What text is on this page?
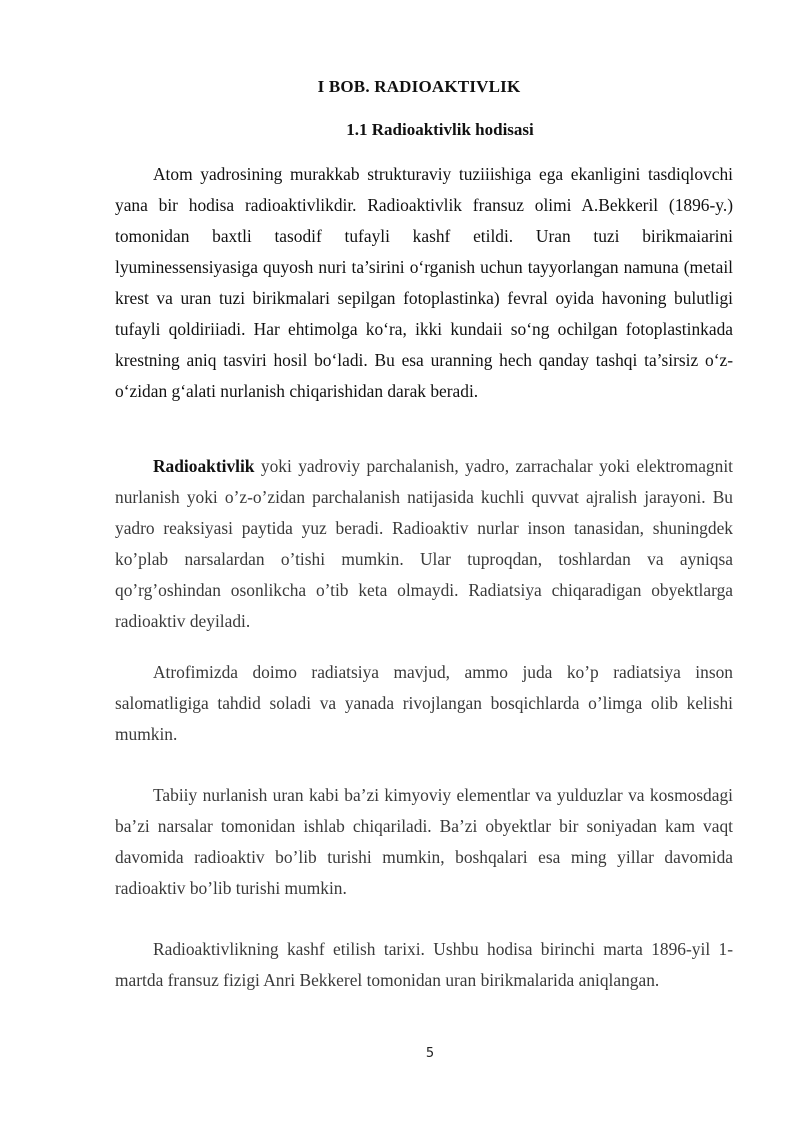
I BOB. RADIOAKTIVLIK
1.1 Radioaktivlik hodisasi

Atom yadrosining murakkab strukturaviy tuziiishiga ega ekanligini tasdiqlovchi yana bir hodisa radioaktivlikdir. Radioaktivlik fransuz olimi A.Bekkeril (1896-y.) tomonidan baxtli tasodif tufayli kashf etildi. Uran tuzi birikmaiarini lyuminessensiyasiga quyosh nuri ta’sirini o‘rganish uchun tayyorlangan namuna (metail krest va uran tuzi birikmalari sepilgan fotoplastinka) fevral oyida havoning bulutligi tufayli qoldiriiadi. Har ehtimolga ko‘ra, ikki kundaii so‘ng ochilgan fotoplastinkada krestning aniq tasviri hosil bo‘ladi. Bu esa uranning hech qanday tashqi ta’sirsiz o‘z-o‘zidan g‘alati nurlanish chiqarishidan darak beradi.

Radioaktivlik yoki yadroviy parchalanish, yadro, zarrachalar yoki elektromagnit nurlanish yoki o’z-o’zidan parchalanish natijasida kuchli quvvat ajralish jarayoni. Bu yadro reaksiyasi paytida yuz beradi. Radioaktiv nurlar inson tanasidan, shuningdek ko’plab narsalardan o’tishi mumkin. Ular tuproqdan, toshlardan va ayniqsa qo’rg’oshindan osonlikcha o’tib keta olmaydi. Radiatsiya chiqaradigan obyektlarga radioaktiv deyiladi.

Atrofimizda doimo radiatsiya mavjud, ammo juda ko’p radiatsiya inson salomatligiga tahdid soladi va yanada rivojlangan bosqichlarda o’limga olib kelishi mumkin.

Tabiiy nurlanish uran kabi ba’zi kimyoviy elementlar va yulduzlar va kosmosdagi ba’zi narsalar tomonidan ishlab chiqariladi. Ba’zi obyektlar bir soniyadan kam vaqt davomida radioaktiv bo’lib turishi mumkin, boshqalari esa ming yillar davomida radioaktiv bo’lib turishi mumkin.

Radioaktivlikning kashf etilish tarixi. Ushbu hodisa birinchi marta 1896-yil 1-martda fransuz fizigi Anri Bekkerel tomonidan uran birikmalarida aniqlangan.

5
